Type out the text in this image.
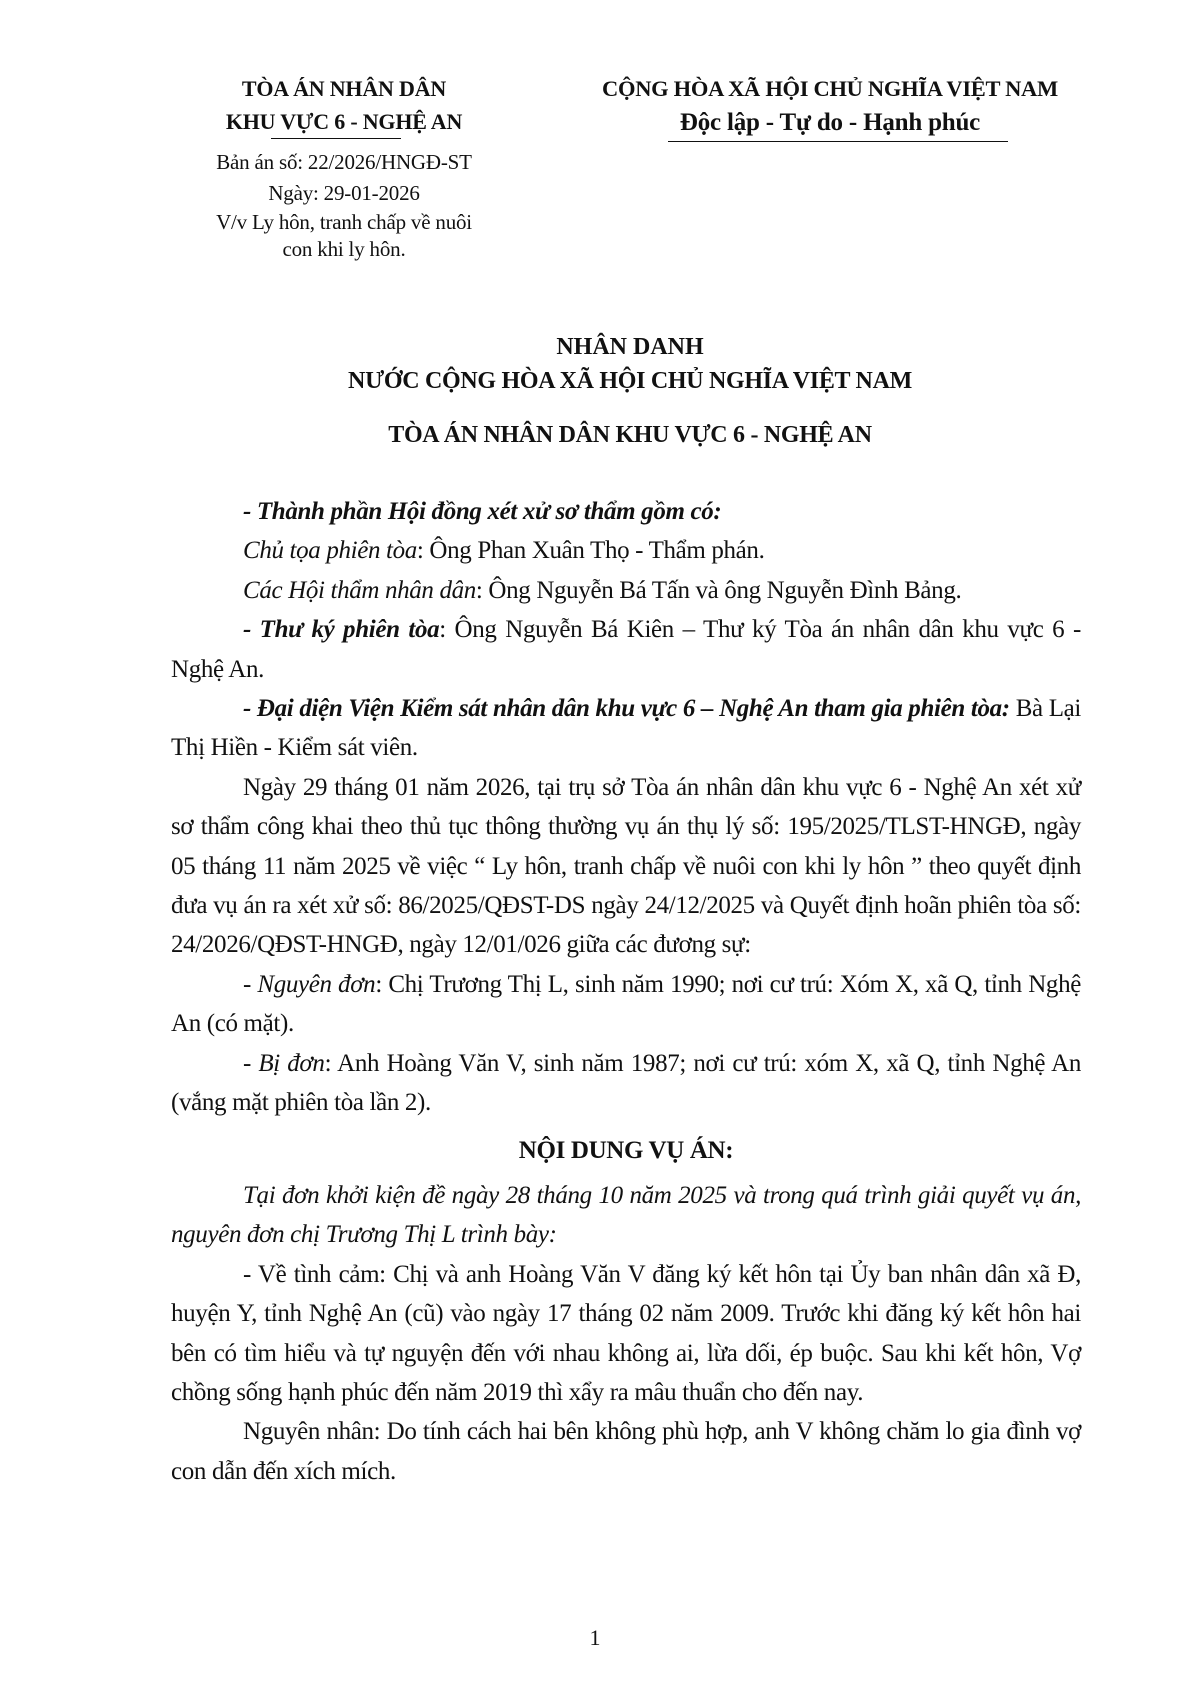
TÒA ÁN NHÂN DÂN
KHU VỰC 6 - NGHỆ AN
Bản án số: 22/2026/HNGĐ-ST
Ngày: 29-01-2026
V/v Ly hôn, tranh chấp về nuôi
con khi ly hôn.
CỘNG HÒA XÃ HỘI CHỦ NGHĨA VIỆT NAM
Độc lập - Tự do - Hạnh phúc
NHÂN DANH
NƯỚC CỘNG HÒA XÃ HỘI CHỦ NGHĨA VIỆT NAM
TÒA ÁN NHÂN DÂN KHU VỰC 6 - NGHỆ AN

- Thành phần Hội đồng xét xử sơ thẩm gồm có:

Chủ tọa phiên tòa: Ông Phan Xuân Thọ - Thẩm phán.

Các Hội thẩm nhân dân: Ông Nguyễn Bá Tấn và ông Nguyễn Đình Bảng.

- Thư ký phiên tòa: Ông Nguyễn Bá Kiên – Thư ký Tòa án nhân dân khu vực 6 - Nghệ An.

- Đại diện Viện Kiểm sát nhân dân khu vực 6 – Nghệ An tham gia phiên tòa: Bà Lại Thị Hiền - Kiểm sát viên.

Ngày 29 tháng 01 năm 2026, tại trụ sở Tòa án nhân dân khu vực 6 - Nghệ An xét xử sơ thẩm công khai theo thủ tục thông thường vụ án thụ lý số: 195/2025/TLST-HNGĐ, ngày 05 tháng 11 năm 2025 về việc “ Ly hôn, tranh chấp về nuôi con khi ly hôn ” theo quyết định đưa vụ án ra xét xử số: 86/2025/QĐST-DS ngày 24/12/2025 và Quyết định hoãn phiên tòa số: 24/2026/QĐST-HNGĐ, ngày 12/01/026 giữa các đương sự:

- Nguyên đơn: Chị Trương Thị L, sinh năm 1990; nơi cư trú: Xóm X, xã Q, tỉnh Nghệ An (có mặt).

- Bị đơn: Anh Hoàng Văn V, sinh năm 1987; nơi cư trú: xóm X, xã Q, tỉnh Nghệ An (vắng mặt phiên tòa lần 2).

NỘI DUNG VỤ ÁN:

Tại đơn khởi kiện đề ngày 28 tháng 10 năm 2025 và trong quá trình giải quyết vụ án, nguyên đơn chị Trương Thị L trình bày:

- Về tình cảm: Chị và anh Hoàng Văn V đăng ký kết hôn tại Ủy ban nhân dân xã Đ, huyện Y, tỉnh Nghệ An (cũ) vào ngày 17 tháng 02 năm 2009. Trước khi đăng ký kết hôn hai bên có tìm hiểu và tự nguyện đến với nhau không ai, lừa dối, ép buộc. Sau khi kết hôn, Vợ chồng sống hạnh phúc đến năm 2019 thì xẩy ra mâu thuẩn cho đến nay.

Nguyên nhân: Do tính cách hai bên không phù hợp, anh V không chăm lo gia đình vợ con dẫn đến xích mích.

1
